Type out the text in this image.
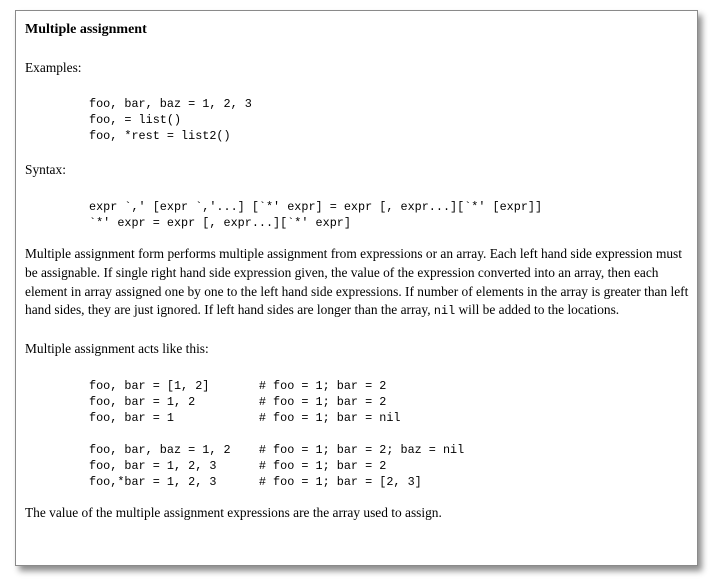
Multiple assignment

Examples:

foo, bar, baz = 1, 2, 3
foo, = list()
foo, *rest = list2()

Syntax:

expr `,' [expr `,'...] [`*' expr] = expr [, expr...][`*' [expr]]
`*' expr = expr [, expr...][`*' expr]

Multiple assignment form performs multiple assignment from expressions or an array. Each left hand side expression must be assignable. If single right hand side expression given, the value of the expression converted into an array, then each element in array assigned one by one to the left hand side expressions. If number of elements in the array is greater than left hand sides, they are just ignored. If left hand sides are longer than the array, nil will be added to the locations.

Multiple assignment acts like this:

foo, bar = [1, 2]       # foo = 1; bar = 2
foo, bar = 1, 2         # foo = 1; bar = 2
foo, bar = 1            # foo = 1; bar = nil

foo, bar, baz = 1, 2    # foo = 1; bar = 2; baz = nil
foo, bar = 1, 2, 3      # foo = 1; bar = 2
foo,*bar = 1, 2, 3      # foo = 1; bar = [2, 3]

The value of the multiple assignment expressions are the array used to assign.
